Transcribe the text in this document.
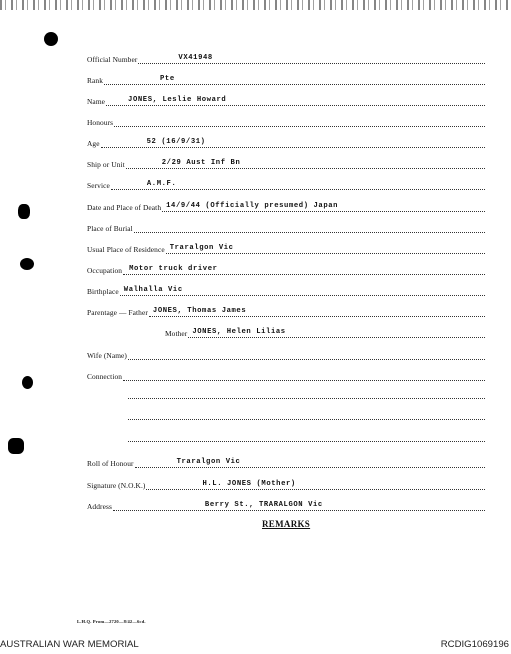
Official Number	VX41948
Rank	Pte
Name	JONES, Leslie Howard
Honours
Age	52 (16/9/31)
Ship or Unit	2/29 Aust Inf Bn
Service	A.M.F.
Date and Place of Death 14/9/44 (Officially presumed) Japan
Place of Burial
Usual Place of Residence Traralgon Vic
Occupation Motor truck driver
Birthplace Walhalla Vic
Parentage — Father JONES, Thomas James
Mother JONES, Helen Lilias
Wife (Name)
Connection
Roll of Honour	Traralgon Vic
Signature (N.O.K.)	H.L. JONES (Mother)
Address	Berry St., TRARALGON Vic
REMARKS
L.H.Q. Prom—2720—8/42—6cd.
AUSTRALIAN WAR MEMORIAL	RCDIG1069196
